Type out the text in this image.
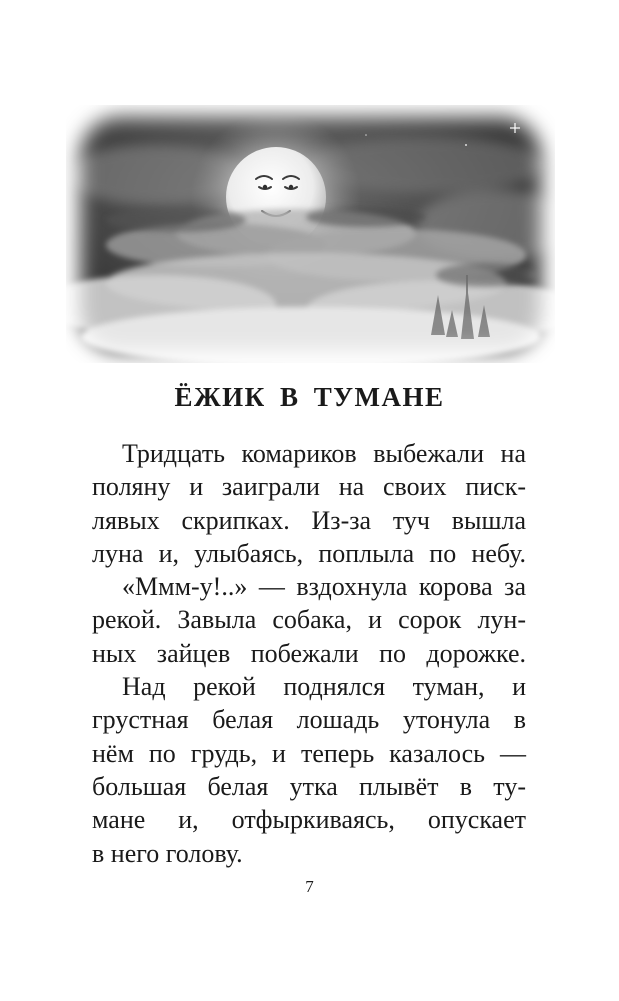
ЁЖИК В ТУМАНЕ
Тридцать комариков выбежали на
поляну и заиграли на своих писк-
лявых скрипках. Из-за туч вышла
луна и, улыбаясь, поплыла по небу.
«Ммм-у!..» — вздохнула корова за
рекой. Завыла собака, и сорок лун-
ных зайцев побежали по дорожке.
Над рекой поднялся туман, и
грустная белая лошадь утонула в
нём по грудь, и теперь казалось —
большая белая утка плывёт в ту-
мане и, отфыркиваясь, опускает
в него голову.
7
